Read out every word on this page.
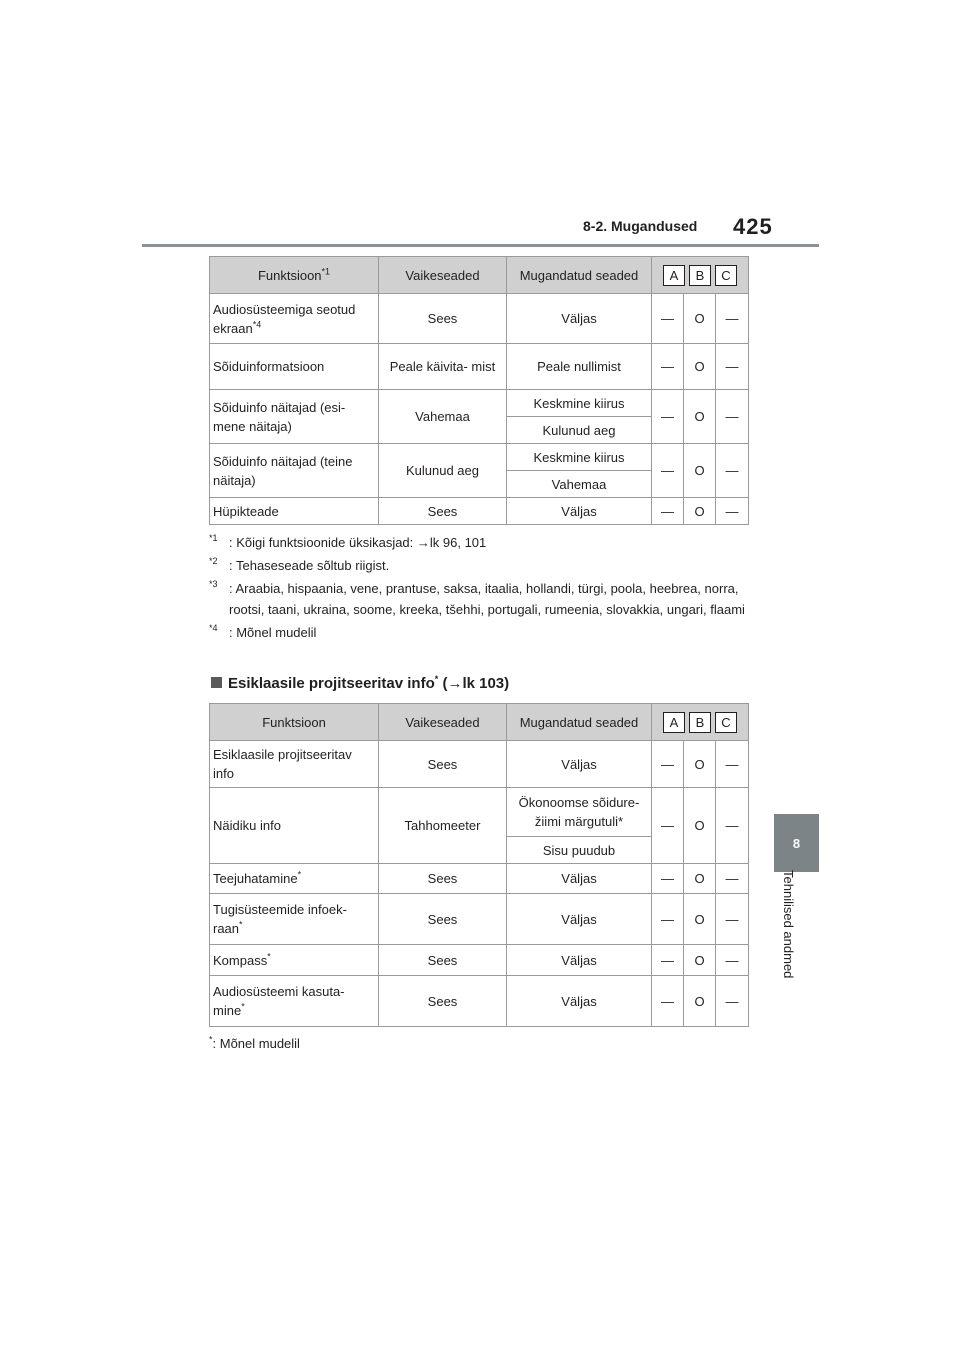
8-2. Mugandused 425
8
Tehnilised andmed
Funktsioon$^{*1}$	Vaikeseaded	Mugandatud seaded	A B C		

Audiosüsteemiga seotud ekraan$^{*4}$	Sees	Väljas	—	O	—
Sõiduinformatsioon	Peale käivita- mist	Peale nullimist	—	O	—
Sõiduinfo näitajad (esi- mene näitaja)	Vahemaa	Keskmine kiirus	—	O	—
		Kulunud aeg			
Sõiduinfo näitajad (teine näitaja)	Kulunud aeg	Keskmine kiirus	—	O	—
		Vahemaa			
Hüpikteade	Sees	Väljas	—	O	—
*1 : Kõigi funktsioonide üksikasjad: →lk 96, 101
*2 : Tehaseseade sõltub riigist.
*3 : Araabia, hispaania, vene, prantuse, saksa, itaalia, hollandi, türgi, poola, heebrea, norra, rootsi, taani, ukraina, soome, kreeka, tšehhi, portugali, rumeenia, slovakkia, ungari, flaami
*4 : Mõnel mudelil
Esiklaasile projitseeritav info* (→lk 103)
Funktsioon	Vaikeseaded	Mugandatud seaded	A B C		

Esiklaasile projitseeritav info	Sees	Väljas	—	O	—
Näidiku info	Tahhomeeter	Ökonoomse sõidure- žiimi märgutuli*	—	O	—
		Sisu puudub			
Teejuhatamine*	Sees	Väljas	—	O	—
Tugisüsteemide infoek- raan*	Sees	Väljas	—	O	—
Kompass*	Sees	Väljas	—	O	—
Audiosüsteemi kasuta- mine*	Sees	Väljas	—	O	—
*: Mõnel mudelil
